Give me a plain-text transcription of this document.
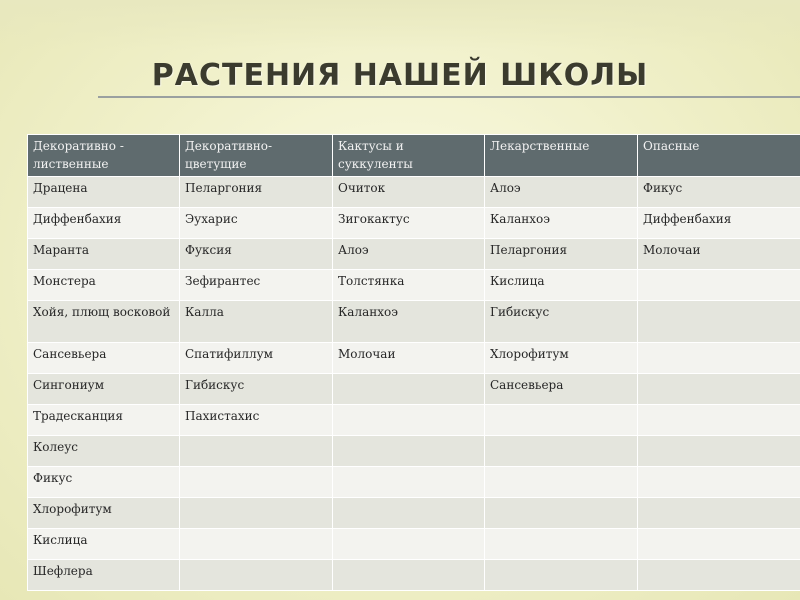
РАСТЕНИЯ НАШЕЙ ШКОЛЫ
Декоративно - лиственные	Декоративно- цветущие	Кактусы и суккуленты	Лекарственные	Опасные
Драцена	Пеларгония	Очиток	Алоэ	Фикус
Диффенбахия	Эухарис	Зигокактус	Каланхоэ	Диффенбахия
Маранта	Фуксия	Алоэ	Пеларгония	Молочаи
Монстера	Зефирантес	Толстянка	Кислица	
Хойя, плющ восковой	Калла	Каланхоэ	Гибискус	
Сансевьера	Спатифиллум	Молочаи	Хлорофитум	
Сингониум	Гибискус		Сансевьера	
Традесканция	Пахистахис			
Колеус				
Фикус				
Хлорофитум				
Кислица				
Шефлера				
